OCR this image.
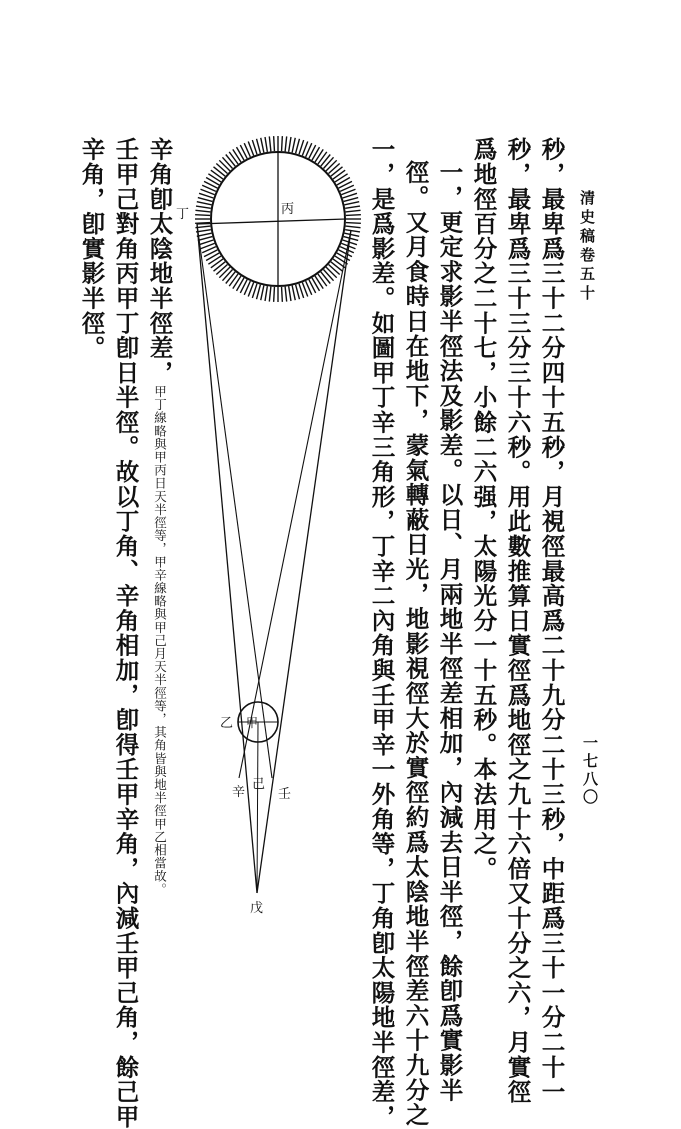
清史稿卷五十
秒，最卑爲三十二分四十五秒，月視徑最高爲二十九分二十三秒，中距爲三十一分二十一
秒，最卑爲三十三分三十六秒。用此數推算日實徑爲地徑之九十六倍又十分之六，月實徑
爲地徑百分之二十七，小餘二六强，太陽光分一十五秒。本法用之。
一，更定求影半徑法及影差。以日、月兩地半徑差相加，內減去日半徑，餘卽爲實影半
徑。又月食時日在地下，蒙氣轉蔽日光，地影視徑大於實徑約爲太陰地半徑差六十九分之
一，是爲影差。如圖甲丁辛三角形，丁辛二內角與壬甲辛一外角等，丁角卽太陽地半徑差，
辛角卽太陰地半徑差，甲丁線略與甲丙日天半徑等，甲辛線略與甲己月天半徑等，其角皆與地半徑甲乙相當故。
壬甲己對角丙甲丁卽日半徑。故以丁角、辛角相加，卽得壬甲辛角，內減壬甲己角，餘己甲
辛角，卽實影半徑。
一七八〇
丙
丁
甲
乙
辛
己
壬
戊
